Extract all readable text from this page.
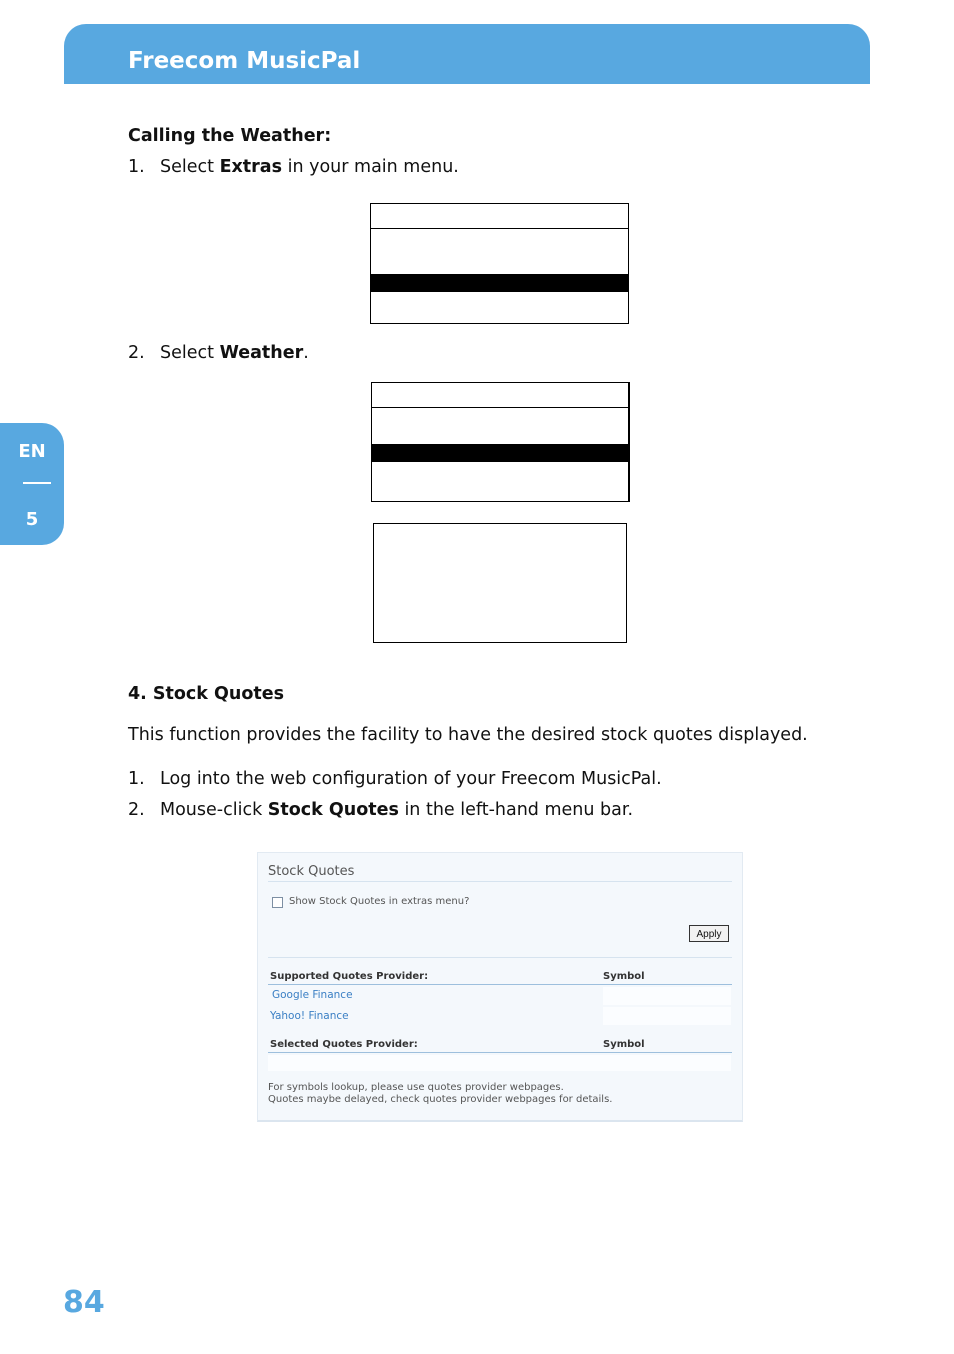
Freecom MusicPal
EN
5
Calling the Weather:
1. Select Extras in your main menu.
2. Select Weather.
4. Stock Quotes
This function provides the facility to have the desired stock quotes displayed.
1. Log into the web configuration of your Freecom MusicPal.
2. Mouse-click Stock Quotes in the left-hand menu bar.
Stock Quotes
Show Stock Quotes in extras menu?
Apply
Supported Quotes Provider:	Symbol
Google Finance
Yahoo! Finance
Selected Quotes Provider:	Symbol
For symbols lookup, please use quotes provider webpages.
Quotes maybe delayed, check quotes provider webpages for details.
84
